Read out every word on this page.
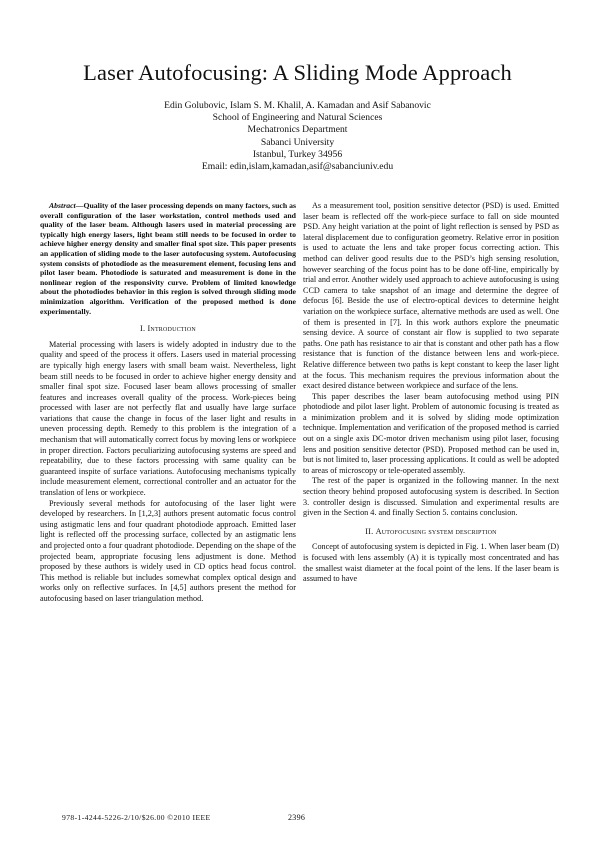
Laser Autofocusing: A Sliding Mode Approach
Edin Golubovic, Islam S. M. Khalil, A. Kamadan and Asif Sabanovic
School of Engineering and Natural Sciences
Mechatronics Department
Sabanci University
Istanbul, Turkey 34956
Email: edin,islam,kamadan,asif@sabanciuniv.edu

Abstract—Quality of the laser processing depends on many factors, such as overall configuration of the laser workstation, control methods used and quality of the laser beam. Although lasers used in material processing are typically high energy lasers, light beam still needs to be focused in order to achieve higher energy density and smaller final spot size. This paper presents an application of sliding mode to the laser autofocusing system. Autofocusing system consists of photodiode as the measurement element, focusing lens and pilot laser beam. Photodiode is saturated and measurement is done in the nonlinear region of the responsivity curve. Problem of limited knowledge about the photodiodes behavior in this region is solved through sliding mode minimization algorithm. Verification of the proposed method is done experimentally.

I. Introduction

Material processing with lasers is widely adopted in industry due to the quality and speed of the process it offers. Lasers used in material processing are typically high energy lasers with small beam waist. Nevertheless, light beam still needs to be focused in order to achieve higher energy density and smaller final spot size. Focused laser beam allows processing of smaller features and increases overall quality of the process. Work-pieces being processed with laser are not perfectly flat and usually have large surface variations that cause the change in focus of the laser light and results in uneven processing depth. Remedy to this problem is the integration of a mechanism that will automatically correct focus by moving lens or workpiece in proper direction. Factors peculiarizing autofocusing systems are speed and repeatability, due to these factors processing with same quality can be guaranteed inspite of surface variations. Autofocusing mechanisms typically include measurement element, correctional controller and an actuator for the translation of lens or workpiece.

Previously several methods for autofocusing of the laser light were developed by researchers. In [1,2,3] authors present automatic focus control using astigmatic lens and four quadrant photodiode approach. Emitted laser light is reflected off the processing surface, collected by an astigmatic lens and projected onto a four quadrant photodiode. Depending on the shape of the projected beam, appropriate focusing lens adjustment is done. Method proposed by these authors is widely used in CD optics head focus control. This method is reliable but includes somewhat complex optical design and works only on reflective surfaces. In [4,5] authors present the method for autofocusing based on laser triangulation method.

As a measurement tool, position sensitive detector (PSD) is used. Emitted laser beam is reflected off the work-piece surface to fall on side mounted PSD. Any height variation at the point of light reflection is sensed by PSD as lateral displacement due to configuration geometry. Relative error in position is used to actuate the lens and take proper focus correcting action. This method can deliver good results due to the PSD’s high sensing resolution, however searching of the focus point has to be done off-line, empirically by trial and error. Another widely used approach to achieve autofocusing is using CCD camera to take snapshot of an image and determine the degree of defocus [6]. Beside the use of electro-optical devices to determine height variation on the workpiece surface, alternative methods are used as well. One of them is presented in [7]. In this work authors explore the pneumatic sensing device. A source of constant air flow is supplied to two separate paths. One path has resistance to air that is constant and other path has a flow resistance that is function of the distance between lens and work-piece. Relative difference between two paths is kept constant to keep the laser light at the focus. This mechanism requires the previous information about the exact desired distance between workpiece and surface of the lens.

This paper describes the laser beam autofocusing method using PIN photodiode and pilot laser light. Problem of autonomic focusing is treated as a minimization problem and it is solved by sliding mode optimization technique. Implementation and verification of the proposed method is carried out on a single axis DC-motor driven mechanism using pilot laser, focusing lens and position sensitive detector (PSD). Proposed method can be used in, but is not limited to, laser processing applications. It could as well be adopted to areas of microscopy or tele-operated assembly.

The rest of the paper is organized in the following manner. In the next section theory behind proposed autofocusing system is described. In Section 3. controller design is discussed. Simulation and experimental results are given in the Section 4. and finally Section 5. contains conclusion.

II. Autofocusing system description

Concept of autofocusing system is depicted in Fig. 1. When laser beam (D) is focused with lens assembly (A) it is typically most concentrated and has the smallest waist diameter at the focal point of the lens. If the laser beam is assumed to have

978-1-4244-5226-2/10/$26.00 ©2010 IEEE	2396
